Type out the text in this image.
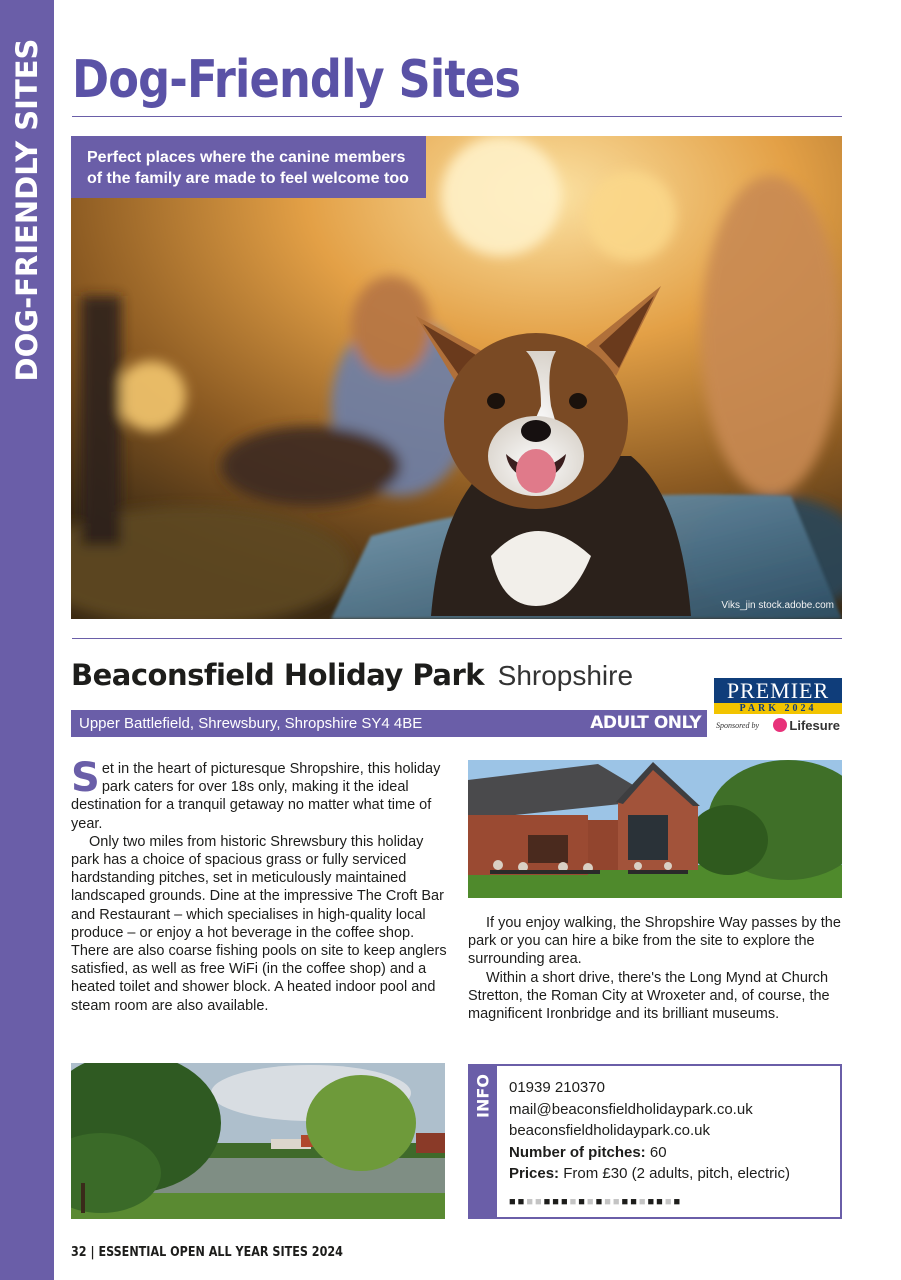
DOG-FRIENDLY SITES Dog-Friendly Sites
Perfect places where the canine members
of the family are made to feel welcome too
Viks_jin stock.adobe.com
Beaconsfield Holiday Park Shropshire
Upper Battlefield, Shrewsbury, Shropshire SY4 4BE	ADULT ONLY
PREMIER
PARK 2024
Sponsored by Lifesure

Set in the heart of picturesque Shropshire, this holiday park caters for over 18s only, making it the ideal destination for a tranquil getaway no matter what time of year.

Only two miles from historic Shrewsbury this holiday park has a choice of spacious grass or fully serviced hardstanding pitches, set in meticulously maintained landscaped grounds. Dine at the impressive The Croft Bar and Restaurant – which specialises in high-quality local produce – or enjoy a hot beverage in the coffee shop. There are also coarse fishing pools on site to keep anglers satisfied, as well as free WiFi (in the coffee shop) and a heated toilet and shower block. A heated indoor pool and steam room are also available.

If you enjoy walking, the Shropshire Way passes by the park or you can hire a bike from the site to explore the surrounding area.

Within a short drive, there's the Long Mynd at Church Stretton, the Roman City at Wroxeter and, of course, the magnificent Ironbridge and its brilliant museums.

INFO 01939 210370
mail@beaconsfieldholidaypark.co.uk
beaconsfieldholidaypark.co.uk
Number of pitches: 60
Prices: From £30 (2 adults, pitch, electric)
■ ■ ■ ■ ■ ■ ■ ■ ■ ■ ■ ■ ■ ■ ■ ■ ■ ■ ■ ■
32 | ESSENTIAL OPEN ALL YEAR SITES 2024
